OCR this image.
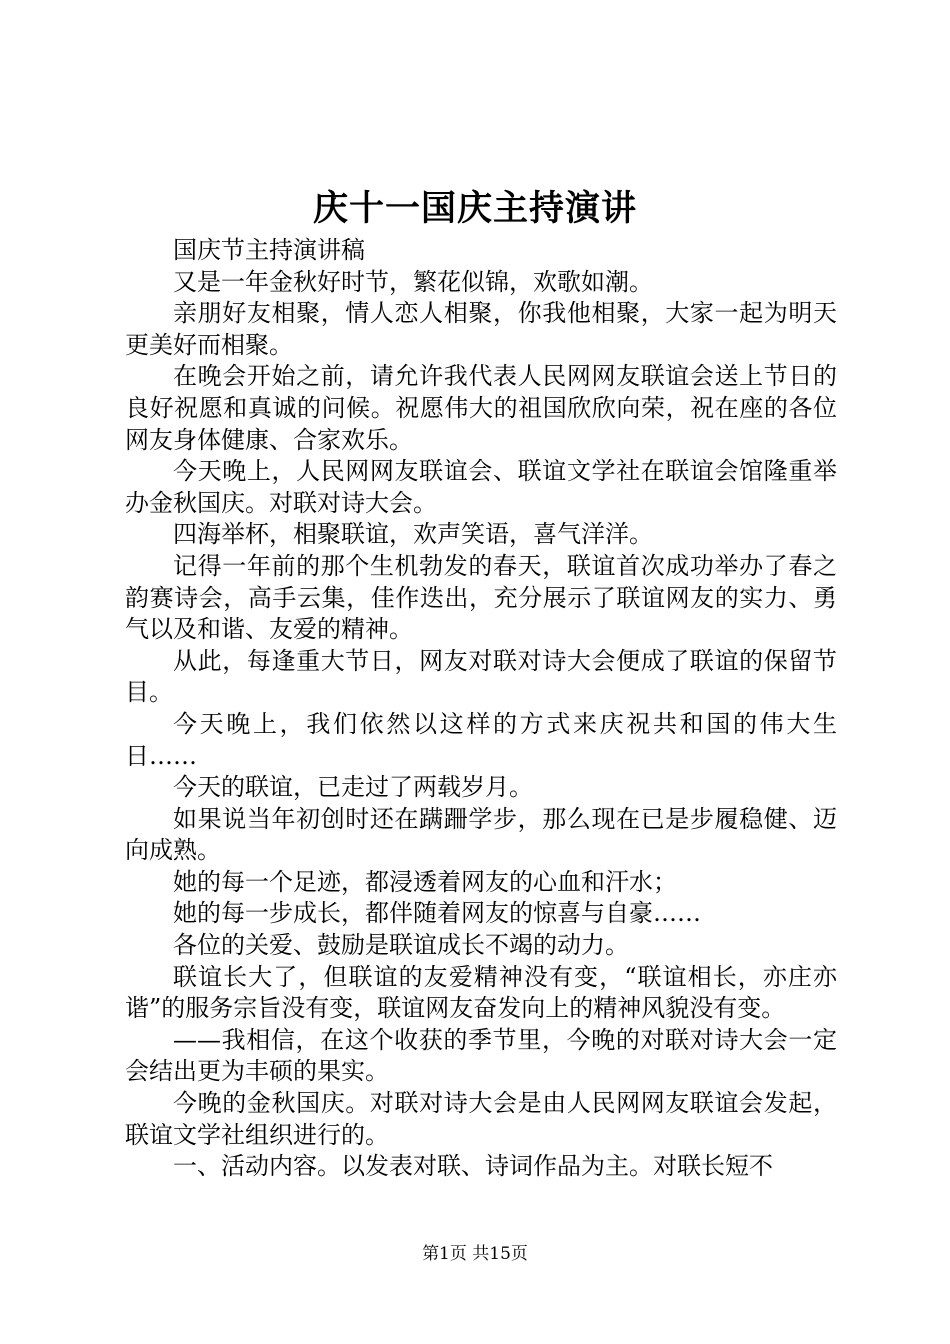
庆十一国庆主持演讲

国庆节主持演讲稿

又是一年金秋好时节，繁花似锦，欢歌如潮。

亲朋好友相聚，情人恋人相聚，你我他相聚，大家一起为明天更美好而相聚。

在晚会开始之前，请允许我代表人民网网友联谊会送上节日的良好祝愿和真诚的问候。祝愿伟大的祖国欣欣向荣，祝在座的各位网友身体健康、合家欢乐。

今天晚上，人民网网友联谊会、联谊文学社在联谊会馆隆重举办金秋国庆。对联对诗大会。

四海举杯，相聚联谊，欢声笑语，喜气洋洋。

记得一年前的那个生机勃发的春天，联谊首次成功举办了春之韵赛诗会，高手云集，佳作迭出，充分展示了联谊网友的实力、勇气以及和谐、友爱的精神。

从此，每逢重大节日，网友对联对诗大会便成了联谊的保留节目。

今天晚上，我们依然以这样的方式来庆祝共和国的伟大生日……

今天的联谊，已走过了两载岁月。

如果说当年初创时还在蹒跚学步，那么现在已是步履稳健、迈向成熟。

她的每一个足迹，都浸透着网友的心血和汗水；

她的每一步成长，都伴随着网友的惊喜与自豪……

各位的关爱、鼓励是联谊成长不竭的动力。

联谊长大了，但联谊的友爱精神没有变，“联谊相长，亦庄亦谐”的服务宗旨没有变，联谊网友奋发向上的精神风貌没有变。

——我相信，在这个收获的季节里，今晚的对联对诗大会一定会结出更为丰硕的果实。

今晚的金秋国庆。对联对诗大会是由人民网网友联谊会发起，联谊文学社组织进行的。

一、活动内容。以发表对联、诗词作品为主。对联长短不

第1页 共15页
